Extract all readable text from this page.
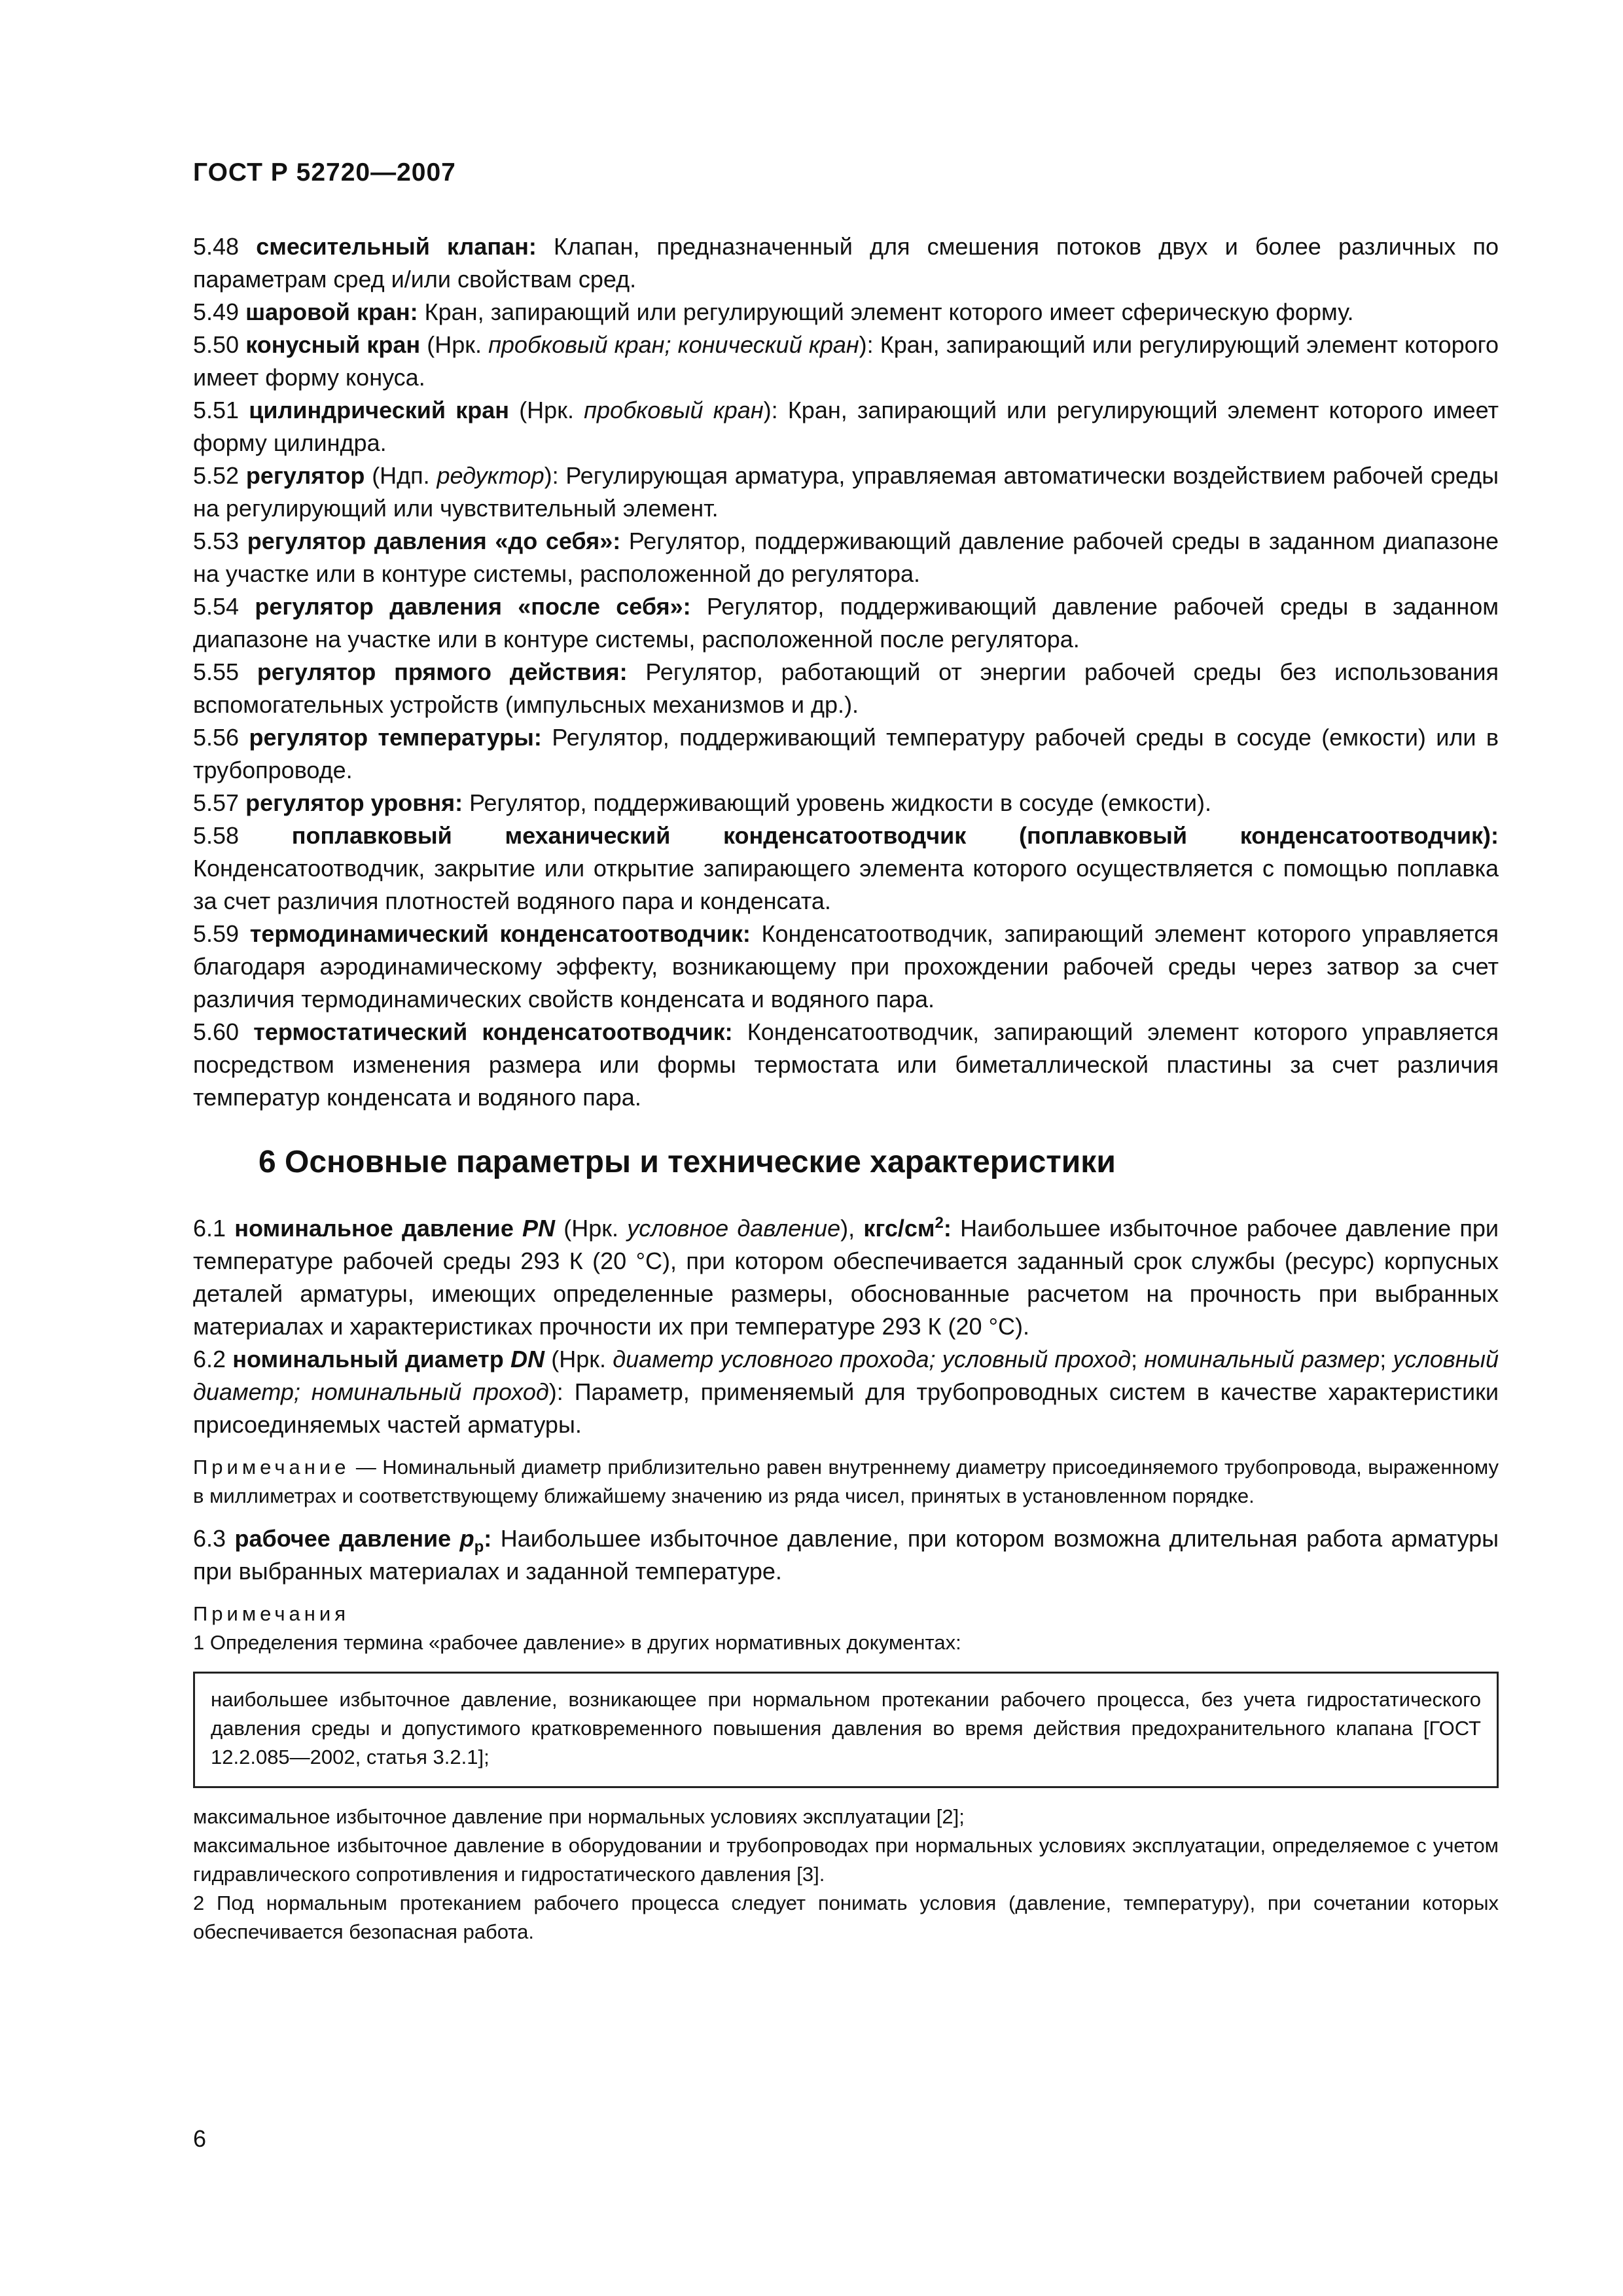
ГОСТ Р 52720—2007

5.48 смесительный клапан: Клапан, предназначенный для смешения потоков двух и более различных по параметрам сред и/или свойствам сред.

5.49 шаровой кран: Кран, запирающий или регулирующий элемент которого имеет сферическую форму.

5.50 конусный кран (Нрк. пробковый кран; конический кран): Кран, запирающий или регулирующий элемент которого имеет форму конуса.

5.51 цилиндрический кран (Нрк. пробковый кран): Кран, запирающий или регулирующий элемент которого имеет форму цилиндра.

5.52 регулятор (Ндп. редуктор): Регулирующая арматура, управляемая автоматически воздействием рабочей среды на регулирующий или чувствительный элемент.

5.53 регулятор давления «до себя»: Регулятор, поддерживающий давление рабочей среды в заданном диапазоне на участке или в контуре системы, расположенной до регулятора.

5.54 регулятор давления «после себя»: Регулятор, поддерживающий давление рабочей среды в заданном диапазоне на участке или в контуре системы, расположенной после регулятора.

5.55 регулятор прямого действия: Регулятор, работающий от энергии рабочей среды без использования вспомогательных устройств (импульсных механизмов и др.).

5.56 регулятор температуры: Регулятор, поддерживающий температуру рабочей среды в сосуде (емкости) или в трубопроводе.

5.57 регулятор уровня: Регулятор, поддерживающий уровень жидкости в сосуде (емкости).

5.58 поплавковый механический конденсатоотводчик (поплавковый конденсатоотводчик): Конденсатоотводчик, закрытие или открытие запирающего элемента которого осуществляется с помощью поплавка за счет различия плотностей водяного пара и конденсата.

5.59 термодинамический конденсатоотводчик: Конденсатоотводчик, запирающий элемент которого управляется благодаря аэродинамическому эффекту, возникающему при прохождении рабочей среды через затвор за счет различия термодинамических свойств конденсата и водяного пара.

5.60 термостатический конденсатоотводчик: Конденсатоотводчик, запирающий элемент которого управляется посредством изменения размера или формы термостата или биметаллической пластины за счет различия температур конденсата и водяного пара.

6 Основные параметры и технические характеристики

6.1 номинальное давление PN (Нрк. условное давление), кгс/$см^2$: Наибольшее избыточное рабочее давление при температуре рабочей среды 293 К (20 °С), при котором обеспечивается заданный срок службы (ресурс) корпусных деталей арматуры, имеющих определенные размеры, обоснованные расчетом на прочность при выбранных материалах и характеристиках прочности их при температуре 293 К (20 °С).

6.2 номинальный диаметр DN (Нрк. диаметр условного прохода; условный проход; номинальный размер; условный диаметр; номинальный проход): Параметр, применяемый для трубопроводных систем в качестве характеристики присоединяемых частей арматуры.

Примечание — Номинальный диаметр приблизительно равен внутреннему диаметру присоединяемого трубопровода, выраженному в миллиметрах и соответствующему ближайшему значению из ряда чисел, принятых в установленном порядке.

6.3 рабочее давление $p_р$: Наибольшее избыточное давление, при котором возможна длительная работа арматуры при выбранных материалах и заданной температуре.

Примечания

1 Определения термина «рабочее давление» в других нормативных документах:

наибольшее избыточное давление, возникающее при нормальном протекании рабочего процесса, без учета гидростатического давления среды и допустимого кратковременного повышения давления во время действия предохранительного клапана [ГОСТ 12.2.085—2002, статья 3.2.1];

максимальное избыточное давление при нормальных условиях эксплуатации [2];

максимальное избыточное давление в оборудовании и трубопроводах при нормальных условиях эксплуатации, определяемое с учетом гидравлического сопротивления и гидростатического давления [3].

2 Под нормальным протеканием рабочего процесса следует понимать условия (давление, температуру), при сочетании которых обеспечивается безопасная работа.

6
